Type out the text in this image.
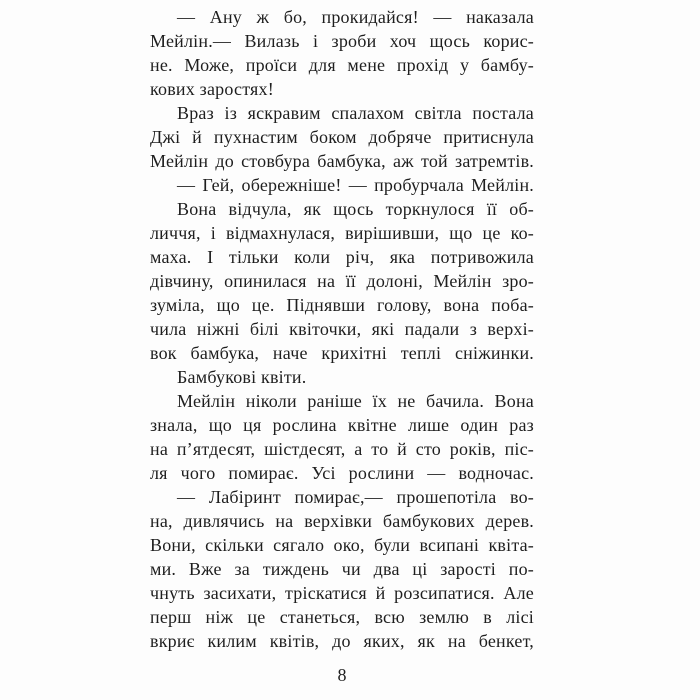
— Ану ж бо, прокидайся! — наказала
Мейлін.— Вилазь і зроби хоч щось корис-
не. Може, проїси для мене прохід у бамбу-
кових заростях!
Враз із яскравим спалахом світла постала
Джі й пухнастим боком добряче притиснула
Мейлін до стовбура бамбука, аж той затремтів.
— Гей, обережніше! — пробурчала Мейлін.
Вона відчула, як щось торкнулося її об-
личчя, і відмахнулася, вирішивши, що це ко-
маха. І тільки коли річ, яка потривожила
дівчину, опинилася на її долоні, Мейлін зро-
зуміла, що це. Піднявши голову, вона поба-
чила ніжні білі квіточки, які падали з верхі-
вок бамбука, наче крихітні теплі сніжинки.
Бамбукові квіти.
Мейлін ніколи раніше їх не бачила. Вона
знала, що ця рослина квітне лише один раз
на п’ятдесят, шістдесят, а то й сто років, піс-
ля чого помирає. Усі рослини — водночас.
— Лабіринт помирає,— прошепотіла во-
на, дивлячись на верхівки бамбукових дерев.
Вони, скільки сягало око, були всипані квіта-
ми. Вже за тиждень чи два ці зарості по-
чнуть засихати, тріскатися й розсипатися. Але
перш ніж це станеться, всю землю в лісі
вкриє килим квітів, до яких, як на бенкет,
8
